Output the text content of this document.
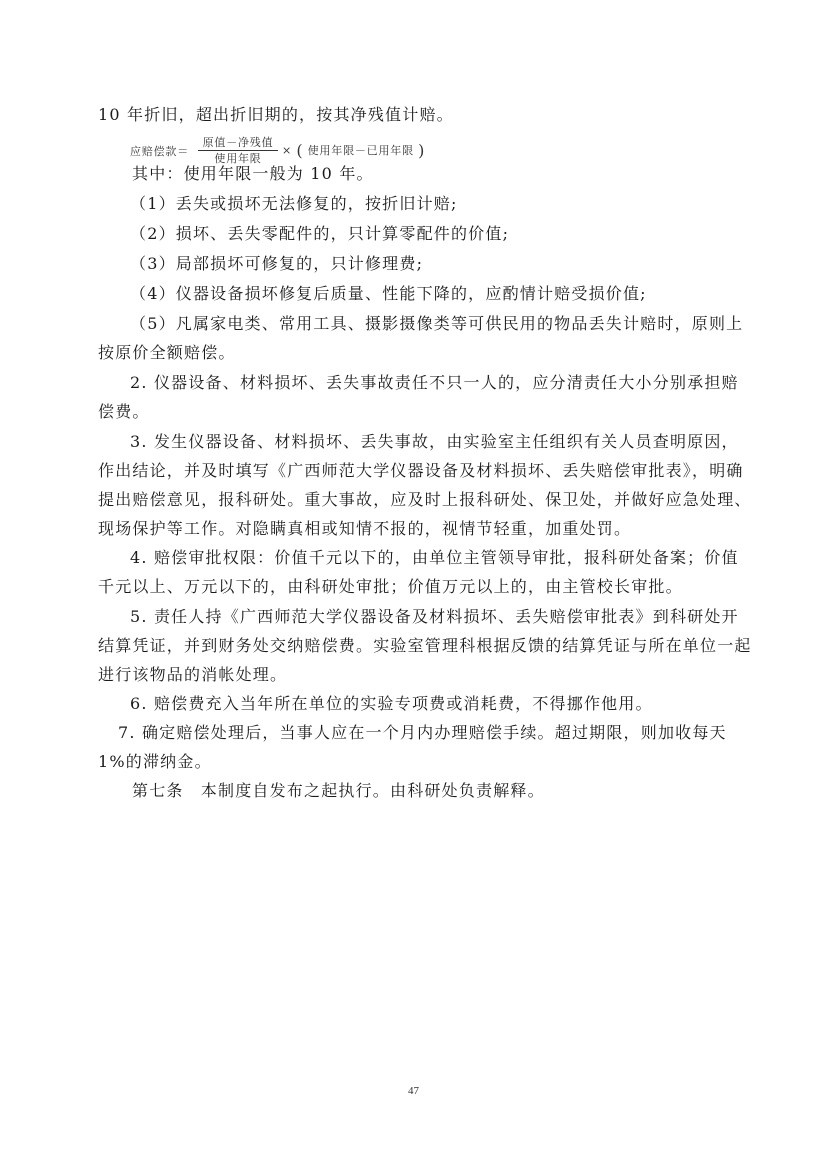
10 年折旧，超出折旧期的，按其净残值计赔。
应赔偿款＝
原值－净残值
使用年限
× ( 使用年限－已用年限 )
其中：使用年限一般为 10 年。
（1）丢失或损坏无法修复的，按折旧计赔;
（2）损坏、丢失零配件的，只计算零配件的价值;
（3）局部损坏可修复的，只计修理费;
（4）仪器设备损坏修复后质量、性能下降的，应酌情计赔受损价值;
（5）凡属家电类、常用工具、摄影摄像类等可供民用的物品丢失计赔时，原则上
按原价全额赔偿。
2. 仪器设备、材料损坏、丢失事故责任不只一人的，应分清责任大小分别承担赔
偿费。
3. 发生仪器设备、材料损坏、丢失事故，由实验室主任组织有关人员查明原因，
作出结论，并及时填写《广西师范大学仪器设备及材料损坏、丢失赔偿审批表》，明确
提出赔偿意见，报科研处。重大事故，应及时上报科研处、保卫处，并做好应急处理、
现场保护等工作。对隐瞒真相或知情不报的，视情节轻重，加重处罚。
4. 赔偿审批权限：价值千元以下的，由单位主管领导审批，报科研处备案；价值
千元以上、万元以下的，由科研处审批；价值万元以上的，由主管校长审批。
5. 责任人持《广西师范大学仪器设备及材料损坏、丢失赔偿审批表》到科研处开
结算凭证，并到财务处交纳赔偿费。实验室管理科根据反馈的结算凭证与所在单位一起
进行该物品的消帐处理。
6. 赔偿费充入当年所在单位的实验专项费或消耗费，不得挪作他用。
7. 确定赔偿处理后，当事人应在一个月内办理赔偿手续。超过期限，则加收每天
1%的滞纳金。
第七条　本制度自发布之起执行。由科研处负责解释。
47
